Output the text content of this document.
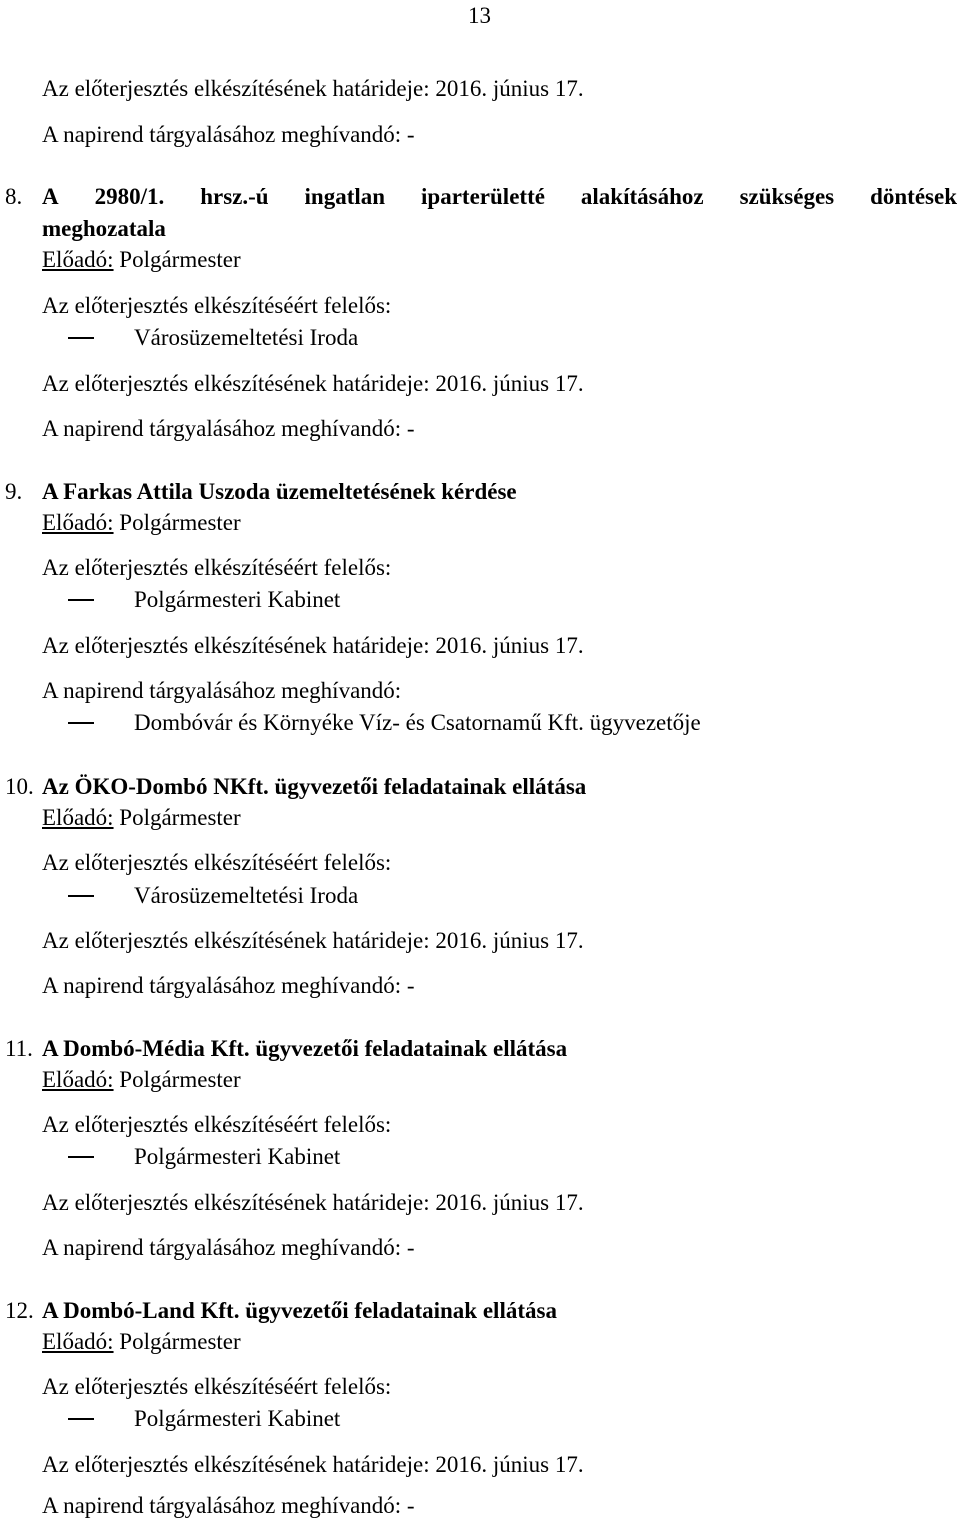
13
Az előterjesztés elkészítésének határideje: 2016. június 17.
A napirend tárgyalásához meghívandó: -
8. A 2980/1. hrsz.-ú ingatlan iparterületté alakításához szükséges döntések
meghozatala
Előadó: Polgármester
Az előterjesztés elkészítéséért felelős:
Városüzemeltetési Iroda
Az előterjesztés elkészítésének határideje: 2016. június 17.
A napirend tárgyalásához meghívandó: -
9. A Farkas Attila Uszoda üzemeltetésének kérdése
Előadó: Polgármester
Az előterjesztés elkészítéséért felelős:
Polgármesteri Kabinet
Az előterjesztés elkészítésének határideje: 2016. június 17.
A napirend tárgyalásához meghívandó:
Dombóvár és Környéke Víz- és Csatornamű Kft. ügyvezetője
10. Az ÖKO-Dombó NKft. ügyvezetői feladatainak ellátása
Előadó: Polgármester
Az előterjesztés elkészítéséért felelős:
Városüzemeltetési Iroda
Az előterjesztés elkészítésének határideje: 2016. június 17.
A napirend tárgyalásához meghívandó: -
11. A Dombó-Média Kft. ügyvezetői feladatainak ellátása
Előadó: Polgármester
Az előterjesztés elkészítéséért felelős:
Polgármesteri Kabinet
Az előterjesztés elkészítésének határideje: 2016. június 17.
A napirend tárgyalásához meghívandó: -
12. A Dombó-Land Kft. ügyvezetői feladatainak ellátása
Előadó: Polgármester
Az előterjesztés elkészítéséért felelős:
Polgármesteri Kabinet
Az előterjesztés elkészítésének határideje: 2016. június 17.
A napirend tárgyalásához meghívandó: -
